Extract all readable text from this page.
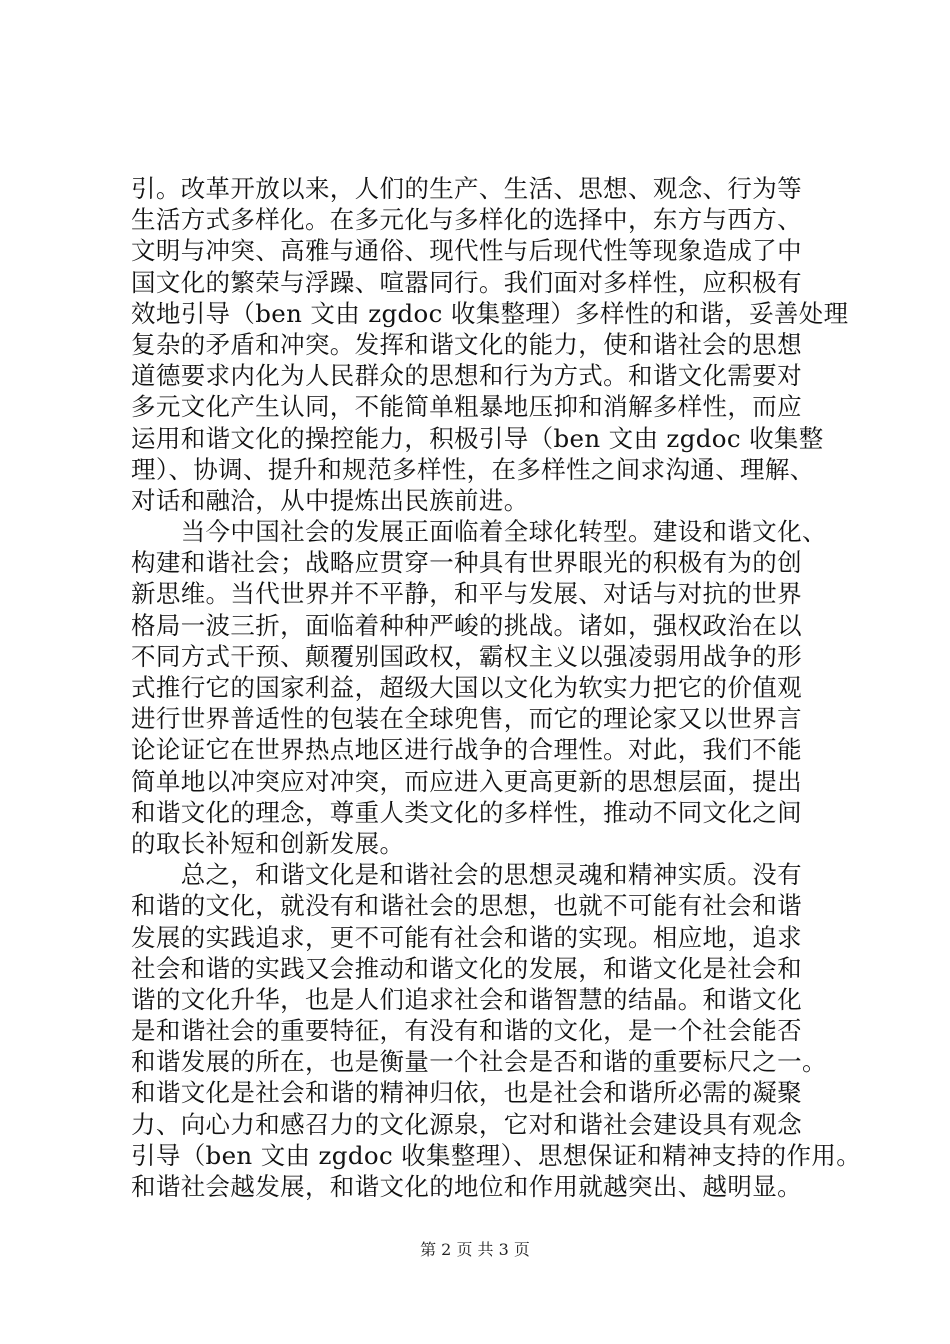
引。改革开放以来，人们的生产、生活、思想、观念、行为等
生活方式多样化。在多元化与多样化的选择中，东方与西方、
文明与冲突、高雅与通俗、现代性与后现代性等现象造成了中
国文化的繁荣与浮躁、喧嚣同行。我们面对多样性，应积极有
效地引导（ben 文由 zgdoc 收集整理）多样性的和谐，妥善处理
复杂的矛盾和冲突。发挥和谐文化的能力，使和谐社会的思想
道德要求内化为人民群众的思想和行为方式。和谐文化需要对
多元文化产生认同，不能简单粗暴地压抑和消解多样性，而应
运用和谐文化的操控能力，积极引导（ben 文由 zgdoc 收集整
理）、协调、提升和规范多样性，在多样性之间求沟通、理解、
对话和融洽，从中提炼出民族前进。
　　当今中国社会的发展正面临着全球化转型。建设和谐文化、
构建和谐社会；战略应贯穿一种具有世界眼光的积极有为的创
新思维。当代世界并不平静，和平与发展、对话与对抗的世界
格局一波三折，面临着种种严峻的挑战。诸如，强权政治在以
不同方式干预、颠覆别国政权，霸权主义以强凌弱用战争的形
式推行它的国家利益，超级大国以文化为软实力把它的价值观
进行世界普适性的包装在全球兜售，而它的理论家又以世界言
论论证它在世界热点地区进行战争的合理性。对此，我们不能
简单地以冲突应对冲突，而应进入更高更新的思想层面，提出
和谐文化的理念，尊重人类文化的多样性，推动不同文化之间
的取长补短和创新发展。
　　总之，和谐文化是和谐社会的思想灵魂和精神实质。没有
和谐的文化，就没有和谐社会的思想，也就不可能有社会和谐
发展的实践追求，更不可能有社会和谐的实现。相应地，追求
社会和谐的实践又会推动和谐文化的发展，和谐文化是社会和
谐的文化升华，也是人们追求社会和谐智慧的结晶。和谐文化
是和谐社会的重要特征，有没有和谐的文化，是一个社会能否
和谐发展的所在，也是衡量一个社会是否和谐的重要标尺之一。
和谐文化是社会和谐的精神归依，也是社会和谐所必需的凝聚
力、向心力和感召力的文化源泉，它对和谐社会建设具有观念
引导（ben 文由 zgdoc 收集整理）、思想保证和精神支持的作用。
和谐社会越发展，和谐文化的地位和作用就越突出、越明显。
第 2 页 共 3 页
